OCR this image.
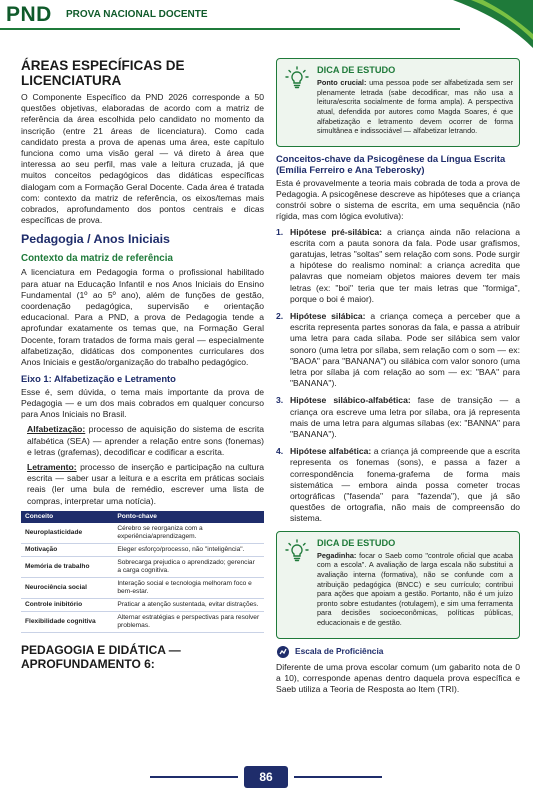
PND PROVA NACIONAL DOCENTE
ÁREAS ESPECÍFICAS DE LICENCIATURA

O Componente Específico da PND 2026 corresponde a 50 questões objetivas, elaboradas de acordo com a matriz de referência da área escolhida pelo candidato no momento da inscrição (entre 21 áreas de licenciatura). Como cada candidato presta a prova de apenas uma área, este capítulo funciona como uma visão geral — vá direto à área que interessa ao seu perfil, mas vale a leitura cruzada, já que muitos conceitos pedagógicos das didáticas específicas dialogam com a Formação Geral Docente. Cada área é tratada com: contexto da matriz de referência, os eixos/temas mais cobrados, aprofundamento dos pontos centrais e dicas específicas de prova.

Pedagogia / Anos Iniciais
Contexto da matriz de referência

A licenciatura em Pedagogia forma o profissional habilitado para atuar na Educação Infantil e nos Anos Iniciais do Ensino Fundamental (1º ao 5º ano), além de funções de gestão, coordenação pedagógica, supervisão e orientação educacional. Para a PND, a prova de Pedagogia tende a aprofundar exatamente os temas que, na Formação Geral Docente, foram tratados de forma mais geral — especialmente alfabetização, didáticas dos componentes curriculares dos Anos Iniciais e gestão/organização do trabalho pedagógico.

Eixo 1: Alfabetização e Letramento

Esse é, sem dúvida, o tema mais importante da prova de Pedagogia — e um dos mais cobrados em qualquer concurso para Anos Iniciais no Brasil.

Alfabetização: processo de aquisição do sistema de escrita alfabética (SEA) — aprender a relação entre sons (fonemas) e letras (grafemas), decodificar e codificar a escrita.

Letramento: processo de inserção e participação na cultura escrita — saber usar a leitura e a escrita em práticas sociais reais (ler uma bula de remédio, escrever uma lista de compras, interpretar uma notícia).

Conceito	Ponto-chave
Neuroplasticidade	Cérebro se reorganiza com a experiência/aprendizagem.
Motivação	Eleger esforço/processo, não "inteligência".
Memória de trabalho	Sobrecarga prejudica o aprendizado; gerenciar a carga cognitiva.
Neurociência social	Interação social e tecnologia melhoram foco e bem-estar.
Controle inibitório	Praticar a atenção sustentada, evitar distrações.
Flexibilidade cognitiva	Alternar estratégias e perspectivas para resolver problemas.
PEDAGOGIA E DIDÁTICA — APROFUNDAMENTO 6:
DICA DE ESTUDO

Ponto crucial: uma pessoa pode ser alfabetizada sem ser plenamente letrada (sabe decodificar, mas não usa a leitura/escrita socialmente de forma ampla). A perspectiva atual, defendida por autores como Magda Soares, é que alfabetização e letramento devem ocorrer de forma simultânea e indissociável — alfabetizar letrando.

Conceitos-chave da Psicogênese da Língua Escrita (Emília Ferreiro e Ana Teberosky)

Esta é provavelmente a teoria mais cobrada de toda a prova de Pedagogia. A psicogênese descreve as hipóteses que a criança constrói sobre o sistema de escrita, em uma sequência (não rígida, mas com lógica evolutiva):

1. Hipótese pré-silábica: a criança ainda não relaciona a escrita com a pauta sonora da fala. Pode usar grafismos, garatujas, letras "soltas" sem relação com sons. Pode surgir a hipótese do realismo nominal: a criança acredita que palavras que nomeiam objetos maiores devem ter mais letras (ex: "boi" teria que ter mais letras que "formiga", porque o boi é maior).
2. Hipótese silábica: a criança começa a perceber que a escrita representa partes sonoras da fala, e passa a atribuir uma letra para cada sílaba. Pode ser silábica sem valor sonoro (uma letra por sílaba, sem relação com o som — ex: "BAOA" para "BANANA") ou silábica com valor sonoro (uma letra por sílaba já com relação ao som — ex: "BAA" para "BANANA").
3. Hipótese silábico-alfabética: fase de transição — a criança ora escreve uma letra por sílaba, ora já representa mais de uma letra para algumas sílabas (ex: "BANNA" para "BANANA").
4. Hipótese alfabética: a criança já compreende que a escrita representa os fonemas (sons), e passa a fazer a correspondência fonema-grafema de forma mais sistemática — embora ainda possa cometer trocas ortográficas ("fasenda" para "fazenda"), que já são questões de ortografia, não mais de compreensão do sistema.
DICA DE ESTUDO

Pegadinha: focar o Saeb como "controle oficial que acaba com a escola". A avaliação de larga escala não substitui a avaliação interna (formativa), não se confunde com a atribuição pedagógica (BNCC) e seu currículo; contribui para ações que apoiam a gestão. Portanto, não é um juízo pronto sobre estudantes (rotulagem), e sim uma ferramenta para decisões socioeconômicas, políticas públicas, educacionais e de gestão.

Escala de Proficiência

Diferente de uma prova escolar comum (um gabarito nota de 0 a 10), corresponde apenas dentro daquela prova específica e Saeb utiliza a Teoria de Resposta ao Item (TRI).

86
